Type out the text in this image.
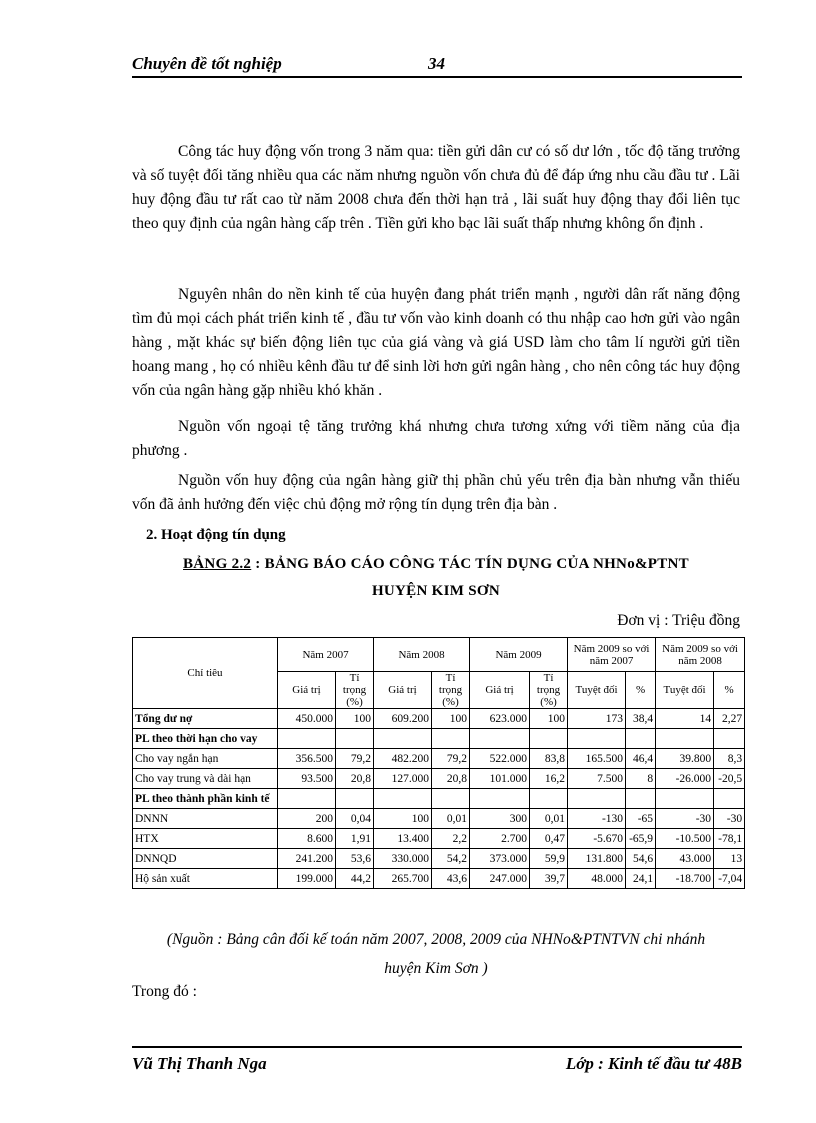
Chuyên đề tốt nghiệp	34

Công tác huy động vốn trong 3 năm qua: tiền gửi dân cư có số dư lớn , tốc độ tăng trưởng và số tuyệt đối tăng nhiều qua các năm nhưng nguồn vốn chưa đủ để đáp ứng nhu cầu đầu tư . Lãi huy động đầu tư rất cao từ năm 2008 chưa đến thời hạn trả , lãi suất huy động thay đổi liên tục theo quy định của ngân hàng cấp trên . Tiền gửi kho bạc lãi suất thấp nhưng không ổn định .

Nguyên nhân do nền kinh tế của huyện đang phát triển mạnh , người dân rất năng động tìm đủ mọi cách phát triển kinh tế , đầu tư vốn vào kinh doanh có thu nhập cao hơn gửi vào ngân hàng , mặt khác sự biến động liên tục của giá vàng và giá USD làm cho tâm lí người gửi tiền hoang mang , họ có nhiều kênh đầu tư để sinh lời hơn gửi ngân hàng , cho nên công tác huy động vốn của ngân hàng gặp nhiều khó khăn .

Nguồn vốn ngoại tệ tăng trưởng khá nhưng chưa tương xứng với tiềm năng của địa phương .

Nguồn vốn huy động của ngân hàng giữ thị phần chủ yếu trên địa bàn nhưng vẫn thiếu vốn đã ảnh hưởng đến việc chủ động mở rộng tín dụng trên địa bàn .

2. Hoạt động tín dụng
BẢNG 2.2 : BẢNG BÁO CÁO CÔNG TÁC TÍN DỤNG CỦA NHNo&PTNT
HUYỆN KIM SƠN
Đơn vị : Triệu đồng
Chỉ tiêu	Năm 2007		Năm 2008		Năm 2009		Năm 2009 so với năm 2007		Năm 2009 so với năm 2008	
	Giá trị	Tỉ trọng (%)	Giá trị	Tỉ trọng (%)	Giá trị	Tỉ trọng (%)	Tuyệt đối	%	Tuyệt đối	%
Tổng dư nợ	450.000	100	609.200	100	623.000	100	173	38,4	14	2,27
PL theo thời hạn cho vay										
Cho vay ngắn hạn	356.500	79,2	482.200	79,2	522.000	83,8	165.500	46,4	39.800	8,3
Cho vay trung và dài hạn	93.500	20,8	127.000	20,8	101.000	16,2	7.500	8	-26.000	-20,5
PL theo thành phần kinh tế										
DNNN	200	0,04	100	0,01	300	0,01	-130	-65	-30	-30
HTX	8.600	1,91	13.400	2,2	2.700	0,47	-5.670	-65,9	-10.500	-78,1
DNNQD	241.200	53,6	330.000	54,2	373.000	59,9	131.800	54,6	43.000	13
Hộ sản xuất	199.000	44,2	265.700	43,6	247.000	39,7	48.000	24,1	-18.700	-7,04
(Nguồn : Bảng cân đối kế toán năm 2007, 2008, 2009 của NHNo&PTNTVN chi nhánh
huyện Kim Sơn )
Trong đó :
Vũ Thị Thanh Nga	Lớp : Kinh tế đầu tư 48B
